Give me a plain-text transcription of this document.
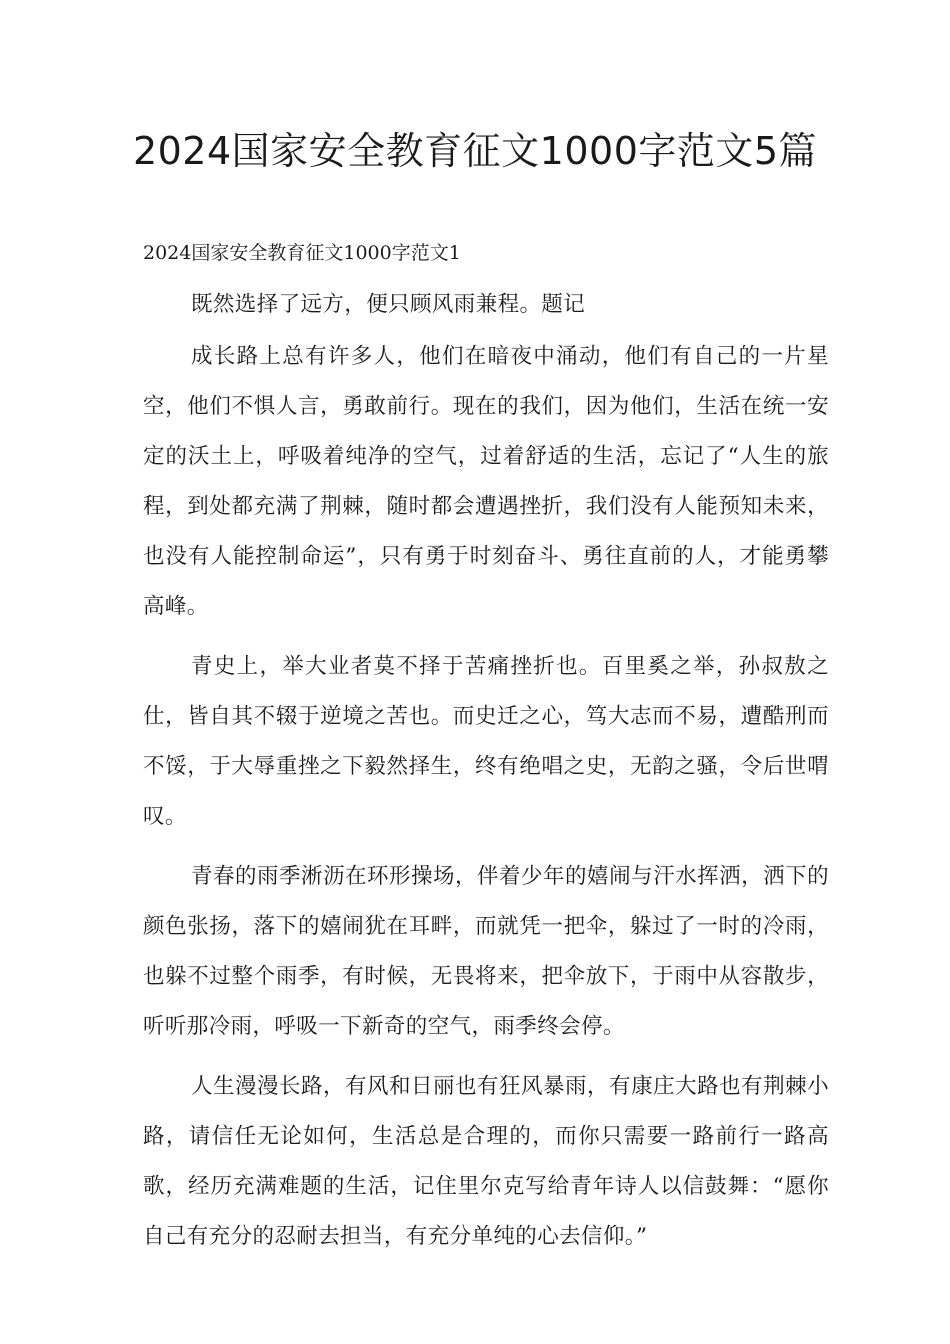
2024国家安全教育征文1000字范文5篇

2024国家安全教育征文1000字范文1

既然选择了远方，便只顾风雨兼程。题记

成长路上总有许多人，他们在暗夜中涌动，他们有自己的一片星空，他们不惧人言，勇敢前行。现在的我们，因为他们，生活在统一安定的沃土上，呼吸着纯净的空气，过着舒适的生活，忘记了“人生的旅程，到处都充满了荆棘，随时都会遭遇挫折，我们没有人能预知未来，也没有人能控制命运”，只有勇于时刻奋斗、勇往直前的人，才能勇攀高峰。

青史上，举大业者莫不择于苦痛挫折也。百里奚之举，孙叔敖之仕，皆自其不辍于逆境之苦也。而史迁之心，笃大志而不易，遭酷刑而不馁，于大辱重挫之下毅然择生，终有绝唱之史，无韵之骚，令后世喟叹。

青春的雨季淅沥在环形操场，伴着少年的嬉闹与汗水挥洒，洒下的颜色张扬，落下的嬉闹犹在耳畔，而就凭一把伞，躲过了一时的冷雨，也躲不过整个雨季，有时候，无畏将来，把伞放下，于雨中从容散步，听听那冷雨，呼吸一下新奇的空气，雨季终会停。

人生漫漫长路，有风和日丽也有狂风暴雨，有康庄大路也有荆棘小路，请信任无论如何，生活总是合理的，而你只需要一路前行一路高歌，经历充满难题的生活，记住里尔克写给青年诗人以信鼓舞：“愿你自己有充分的忍耐去担当，有充分单纯的心去信仰。”
